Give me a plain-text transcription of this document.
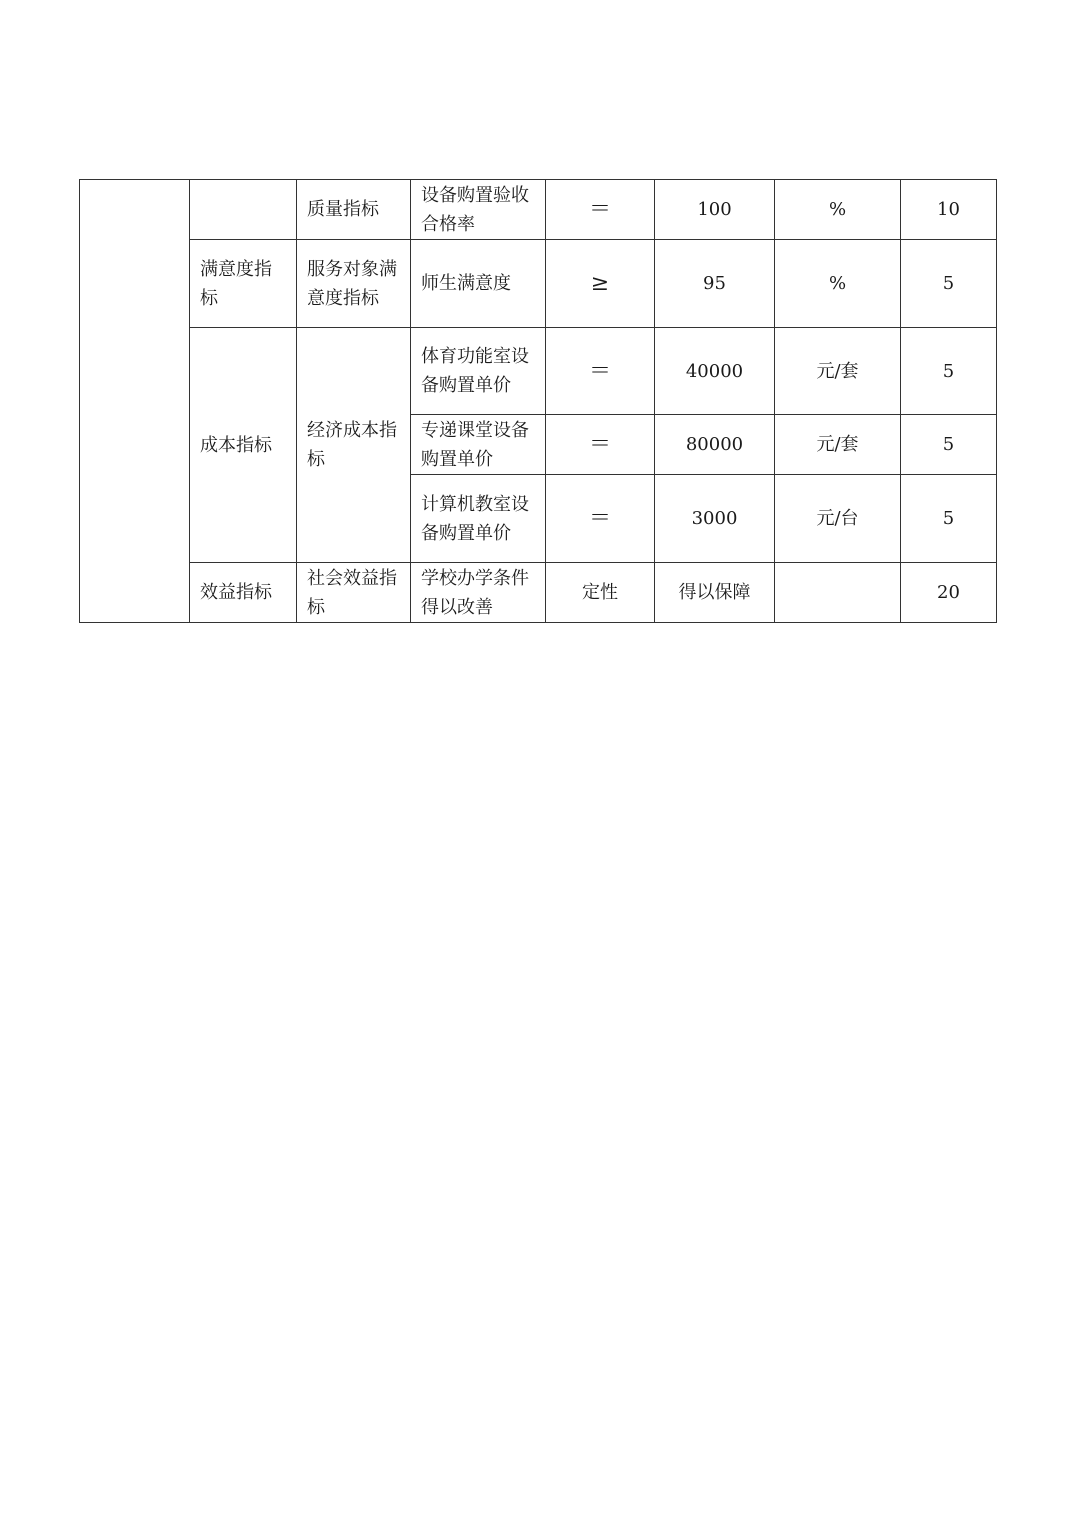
		质量指标	设备购置验收合格率	＝	100	%	10
	满意度指标	服务对象满意度指标	师生满意度	≥	95	%	5
	成本指标	经济成本指标	体育功能室设备购置单价	＝	40000	元/套	5
			专递课堂设备购置单价	＝	80000	元/套	5
			计算机教室设备购置单价	＝	3000	元/台	5
	效益指标	社会效益指标	学校办学条件得以改善	定性	得以保障		20
